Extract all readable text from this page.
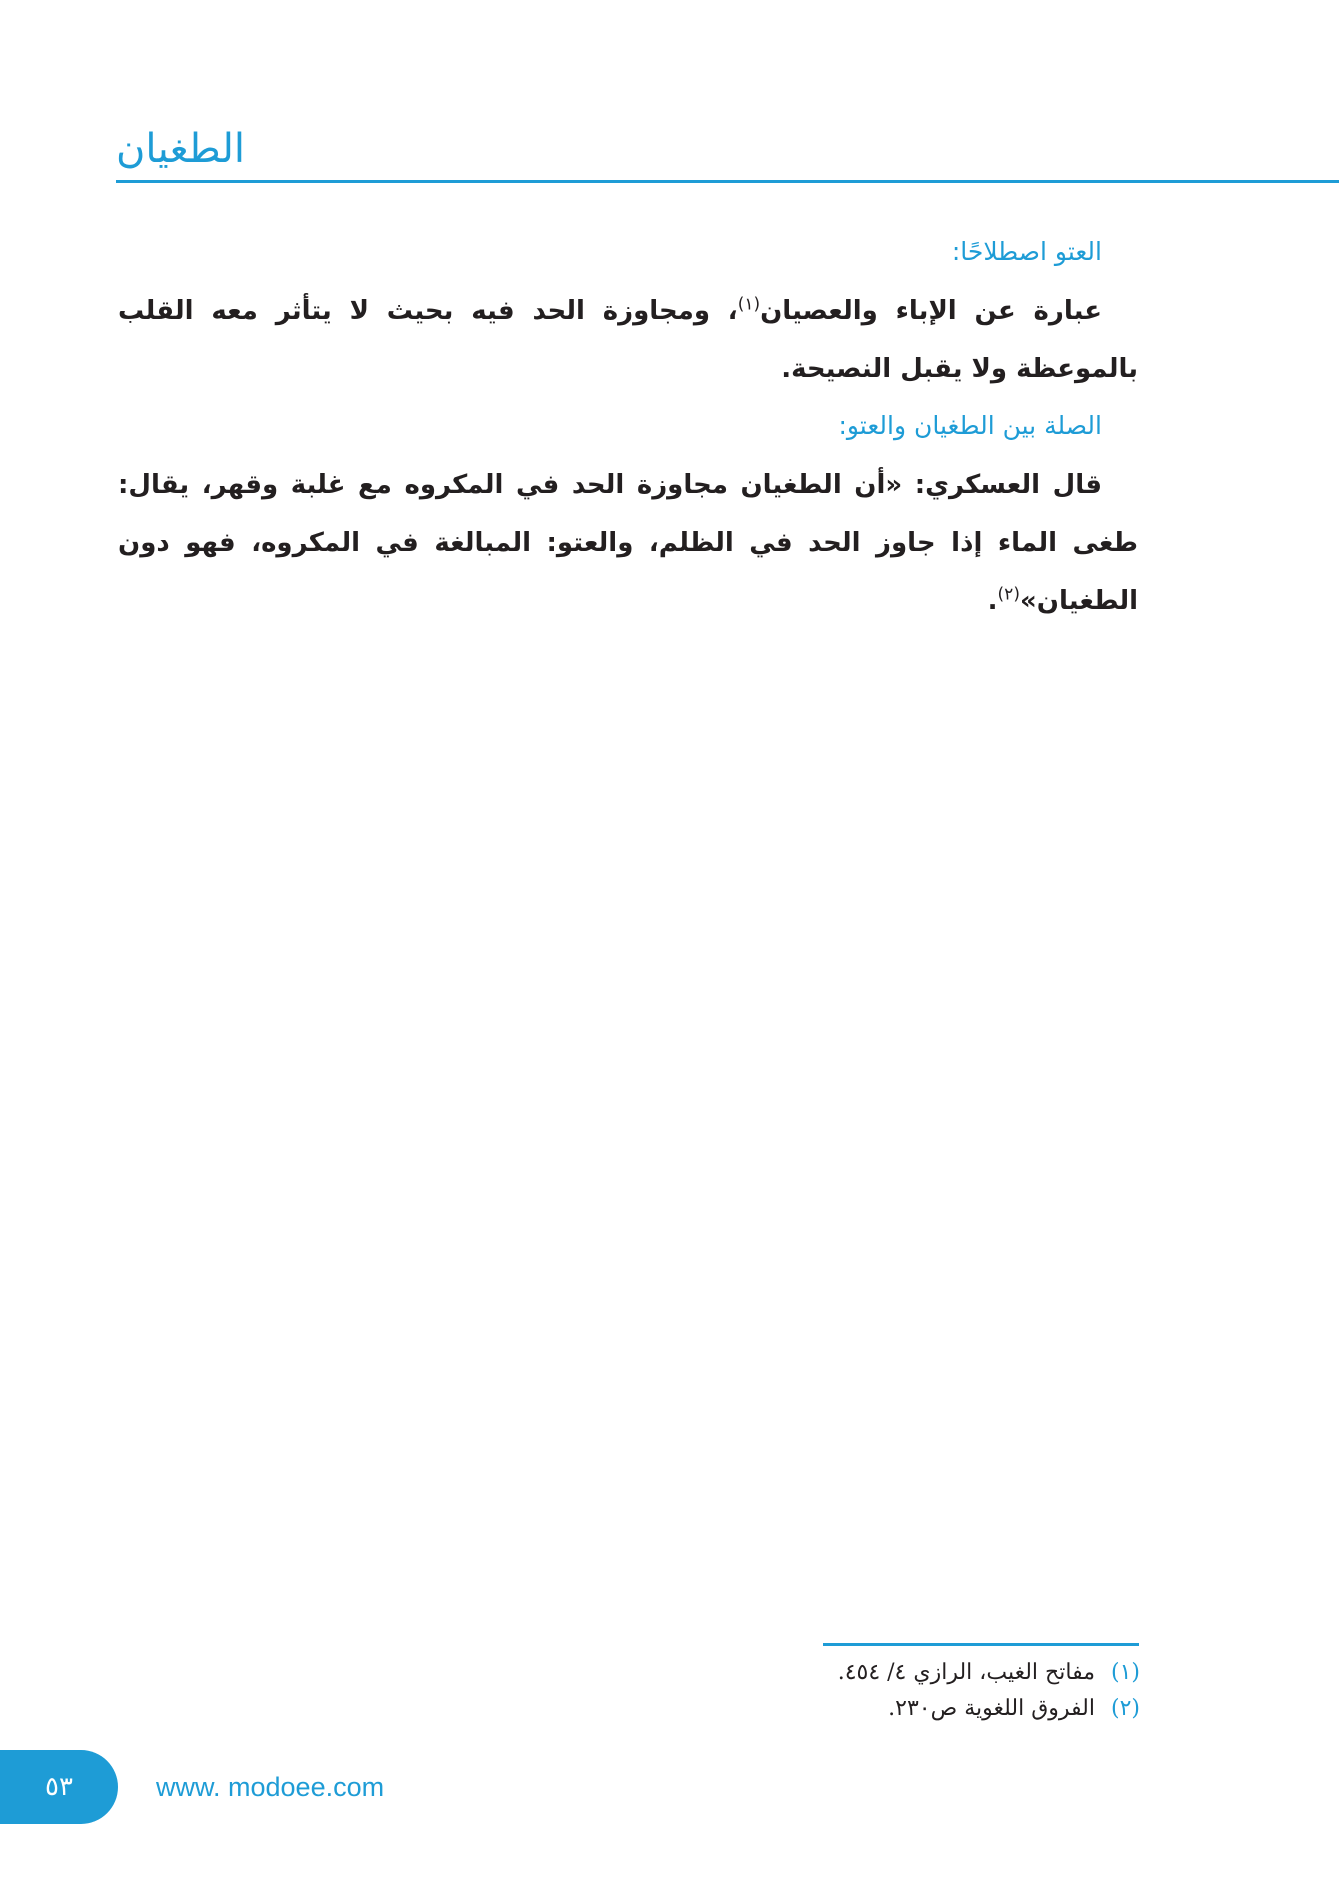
الطغيان
العتو اصطلاحًا:

عبارة عن الإباء والعصيان$^{(١)}$، ومجاوزة الحد فيه بحيث لا يتأثر معه القلب بالموعظة ولا يقبل النصيحة.

الصلة بين الطغيان والعتو:

قال العسكري: «أن الطغيان مجاوزة الحد في المكروه مع غلبة وقهر، يقال: طغى الماء إذا جاوز الحد في الظلم، والعتو: المبالغة في المكروه، فهو دون الطغيان»$^{(٢)}$.

(١)مفاتح الغيب، الرازي ٤/ ٤٥٤.
(٢)الفروق اللغوية ص٢٣٠.
٥٣	www. modoee.com
